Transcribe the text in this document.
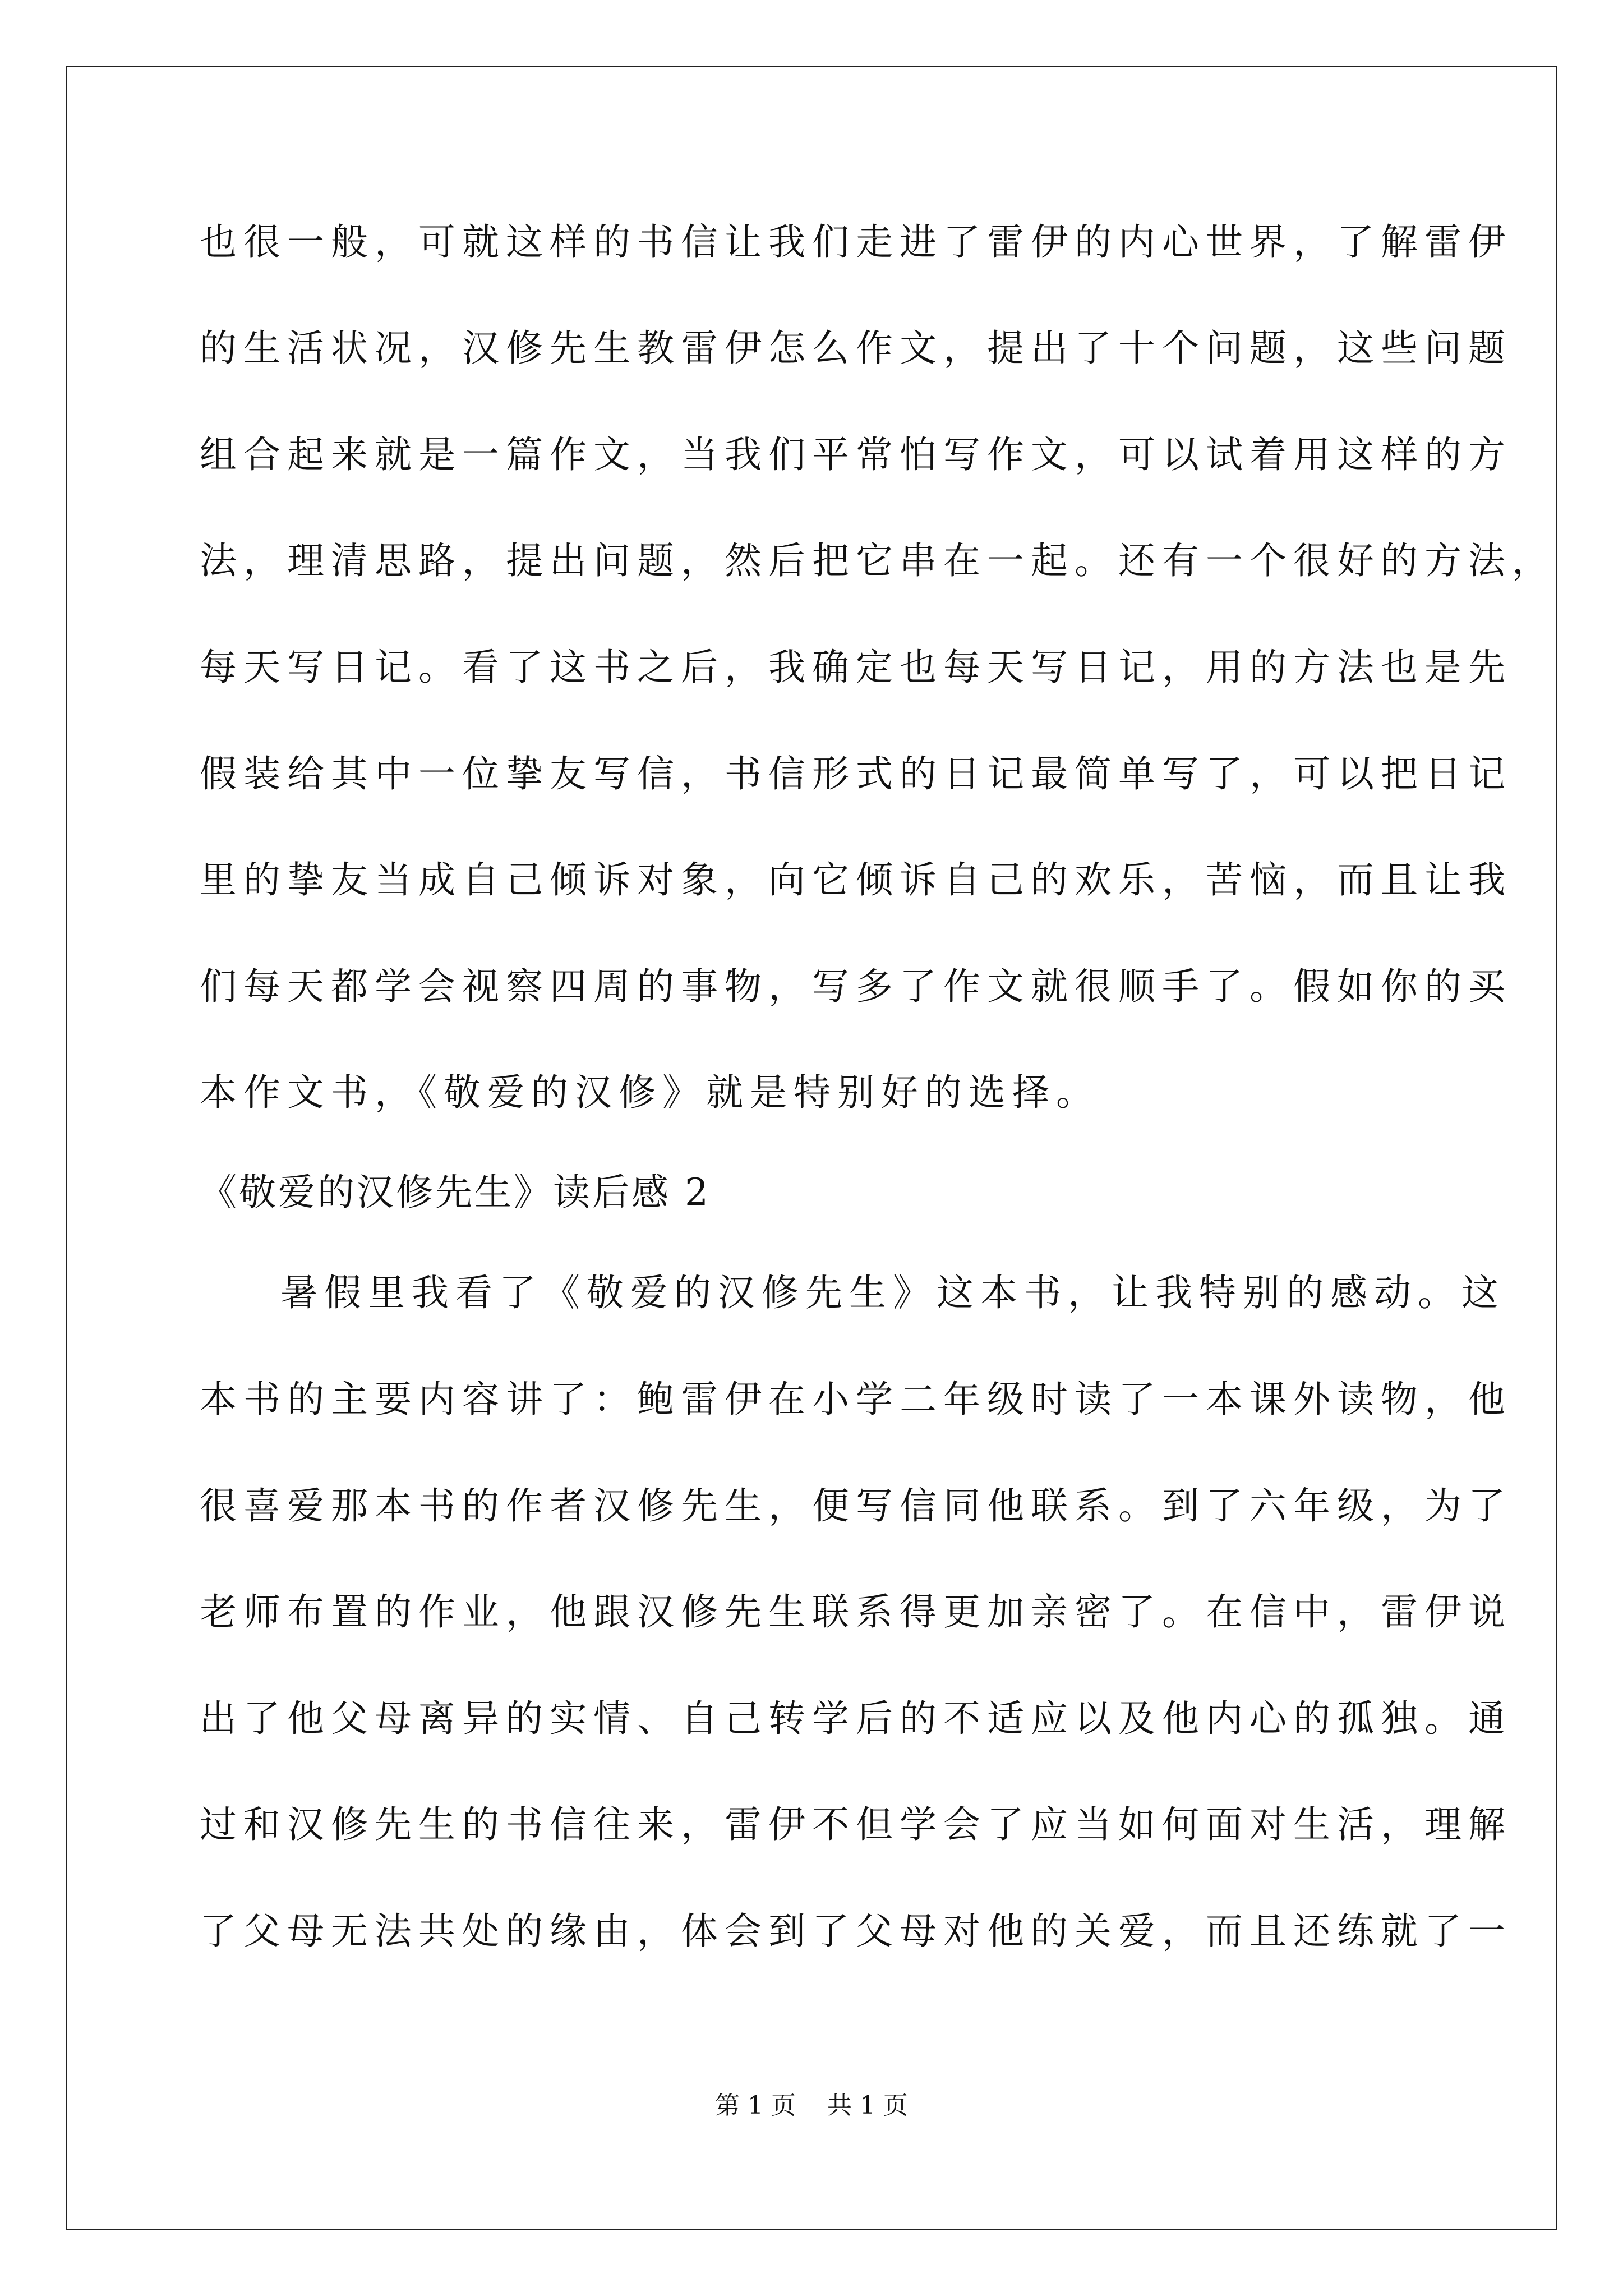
也很一般，可就这样的书信让我们走进了雷伊的内心世界，了解雷伊
的生活状况，汉修先生教雷伊怎么作文，提出了十个问题，这些问题
组合起来就是一篇作文，当我们平常怕写作文，可以试着用这样的方
法，理清思路，提出问题，然后把它串在一起。还有一个很好的方法，
每天写日记。看了这书之后，我确定也每天写日记，用的方法也是先
假装给其中一位挚友写信，书信形式的日记最简单写了，可以把日记
里的挚友当成自己倾诉对象，向它倾诉自己的欢乐，苦恼，而且让我
们每天都学会视察四周的事物，写多了作文就很顺手了。假如你的买
本作文书，《敬爱的汉修》就是特别好的选择。
《敬爱的汉修先生》读后感 2
暑假里我看了《敬爱的汉修先生》这本书，让我特别的感动。这
本书的主要内容讲了：鲍雷伊在小学二年级时读了一本课外读物，他
很喜爱那本书的作者汉修先生，便写信同他联系。到了六年级，为了
老师布置的作业，他跟汉修先生联系得更加亲密了。在信中，雷伊说
出了他父母离异的实情、自己转学后的不适应以及他内心的孤独。通
过和汉修先生的书信往来，雷伊不但学会了应当如何面对生活，理解
了父母无法共处的缘由，体会到了父母对他的关爱，而且还练就了一
第 1 页    共 1 页
